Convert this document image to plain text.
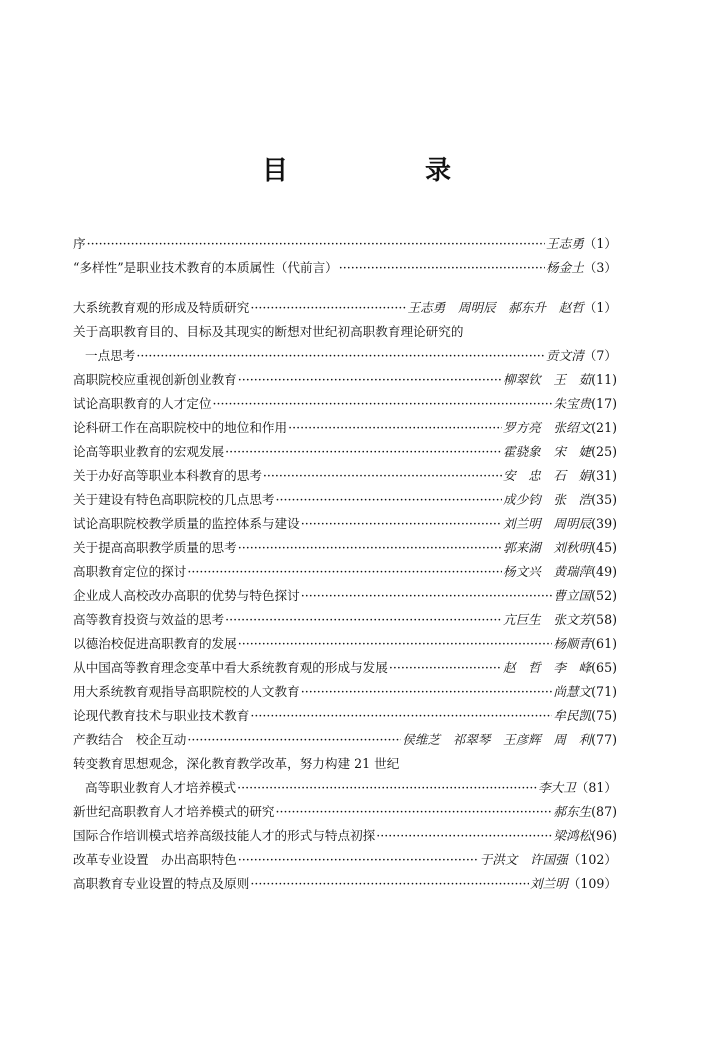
目 录
序 ·····	王志勇 （1）
“多样性”是职业技术教育的本质属性（代前言） ·····	杨金土 （3）
大系统教育观的形成及特质研究 ·····	王志勇　周明辰　郝东升　赵哲 （1）
关于高职教育目的、目标及其现实的断想对世纪初高职教育理论研究的
一点思考 ·····	贡文清 （7）
高职院校应重视创新创业教育 ·····	柳翠钦　王　茹 (11)
试论高职教育的人才定位 ·····	朱宝贵 (17)
论科研工作在高职院校中的地位和作用 ·····	罗方亮　张绍文 (21)
论高等职业教育的宏观发展 ·····	霍骁象　宋　婕 (25)
关于办好高等职业本科教育的思考 ·····	安　忠　石　娟 (31)
关于建设有特色高职院校的几点思考 ·····	成少钧　张　浩 (35)
试论高职院校教学质量的监控体系与建设 ·····	刘兰明　周明辰 (39)
关于提高高职教学质量的思考 ·····	郭来湖　刘秋明 (45)
高职教育定位的探讨 ·····	杨文兴　黄瑞萍 (49)
企业成人高校改办高职的优势与特色探讨 ·····	曹立国 (52)
高等教育投资与效益的思考 ·····	亢巨生　张文芳 (58)
以德治校促进高职教育的发展 ·····	杨顺青 (61)
从中国高等教育理念变革中看大系统教育观的形成与发展 ·····	赵　哲　李　峰 (65)
用大系统教育观指导高职院校的人文教育 ·····	尚慧文 (71)
论现代教育技术与职业技术教育 ·····	牟民凯 (75)
产教结合　校企互动 ·····	侯维芝　祁翠琴　王彦辉　周　利 (77)
转变教育思想观念，深化教育教学改革，努力构建 21 世纪
高等职业教育人才培养模式 ·····	李大卫 （81）
新世纪高职教育人才培养模式的研究 ·····	郝东生 (87)
国际合作培训模式培养高级技能人才的形式与特点初探 ·····	梁鸿松 (96)
改革专业设置　办出高职特色 ·····	于洪文　许国强 （102）
高职教育专业设置的特点及原则 ·····	刘兰明 （109）
